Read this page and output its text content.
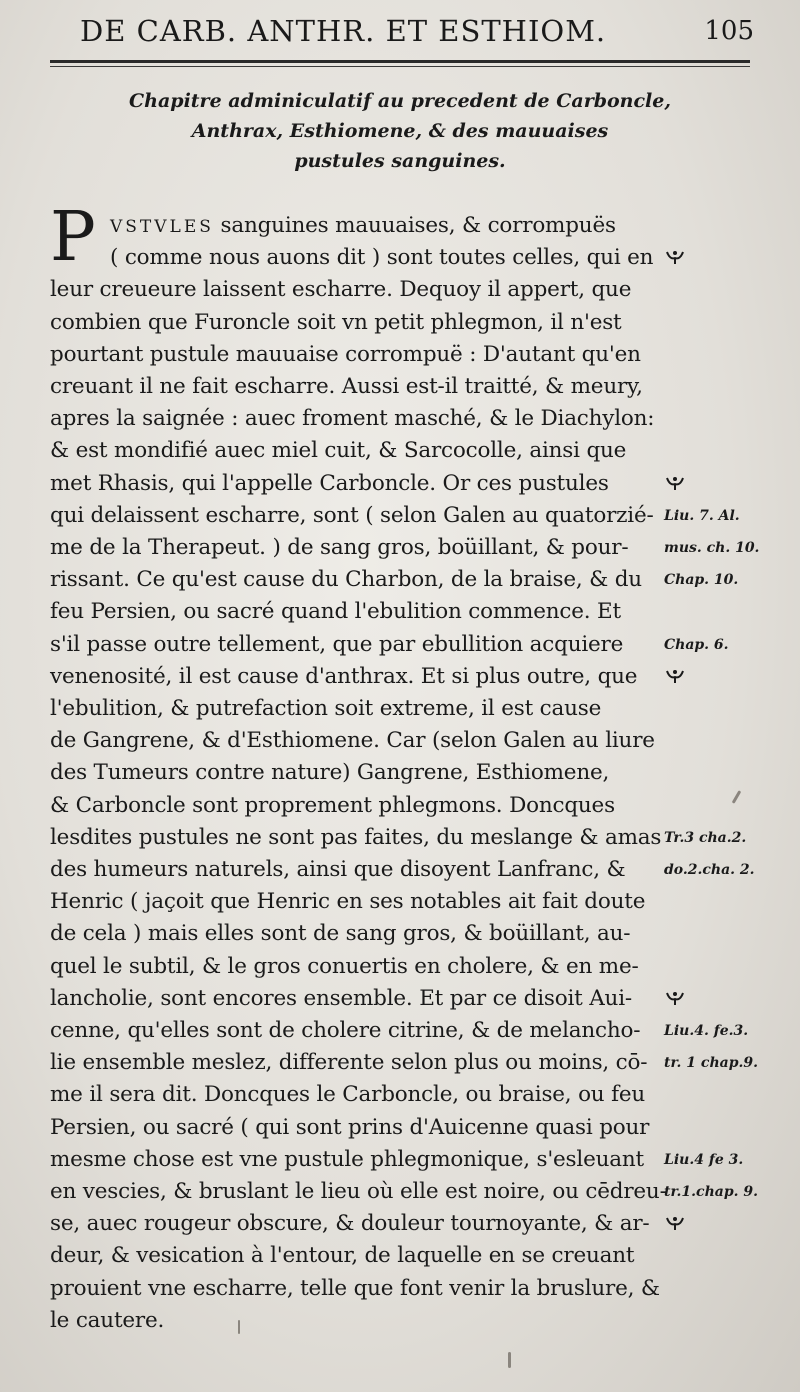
DE CARB. ANTHR. ET ESTHIOM.	105
Chapitre adminiculatif au precedent de Carboncle,
Anthrax, Esthiomene, & des mauuaises
pustules sanguines.
VSTVLES sanguines mauuaises, & corrompuës
P ( comme nous auons dit ) sont toutes celles, qui en
leur creueure laissent escharre. Dequoy il appert, que
combien que Furoncle soit vn petit phlegmon, il n'est
pourtant pustule mauuaise corrompuë : D'autant qu'en
creuant il ne fait escharre. Aussi est-il traitté, & meury,
apres la saignée : auec froment masché, & le Diachylon:
& est mondifié auec miel cuit, & Sarcocolle, ainsi que
met Rhasis, qui l'appelle Carboncle. Or ces pustules
qui delaissent escharre, sont ( selon Galen au quatorzié-
me de la Therapeut. ) de sang gros, boüillant, & pour-
rissant. Ce qu'est cause du Charbon, de la braise, & du
feu Persien, ou sacré quand l'ebulition commence. Et
s'il passe outre tellement, que par ebullition acquiere
venenosité, il est cause d'anthrax. Et si plus outre, que
l'ebulition, & putrefaction soit extreme, il est cause
de Gangrene, & d'Esthiomene. Car (selon Galen au liure
des Tumeurs contre nature) Gangrene, Esthiomene,
& Carboncle sont proprement phlegmons. Doncques
lesdites pustules ne sont pas faites, du meslange & amas
des humeurs naturels, ainsi que disoyent Lanfranc, &
Henric ( jaçoit que Henric en ses notables ait fait doute
de cela ) mais elles sont de sang gros, & boüillant, au-
quel le subtil, & le gros conuertis en cholere, & en me-
lancholie, sont encores ensemble. Et par ce disoit Aui-
cenne, qu'elles sont de cholere citrine, & de melancho-
lie ensemble meslez, differente selon plus ou moins, cō-
me il sera dit. Doncques le Carboncle, ou braise, ou feu
Persien, ou sacré ( qui sont prins d'Auicenne quasi pour
mesme chose est vne pustule phlegmonique, s'esleuant
en vescies, & bruslant le lieu où elle est noire, ou cēdreu-
se, auec rougeur obscure, & douleur tournoyante, & ar-
deur, & vesication à l'entour, de laquelle en se creuant
prouient vne escharre, telle que font venir la bruslure, &
le cautere.
Liu. 7. Al.
mus. ch. 10.
Chap. 10.
Chap. 6.
Tr.3 cha.2.
do.2.cha. 2.
Liu.4. fe.3.
tr. 1 chap.9.
Liu.4 fe 3.
tr.1.chap. 9.
